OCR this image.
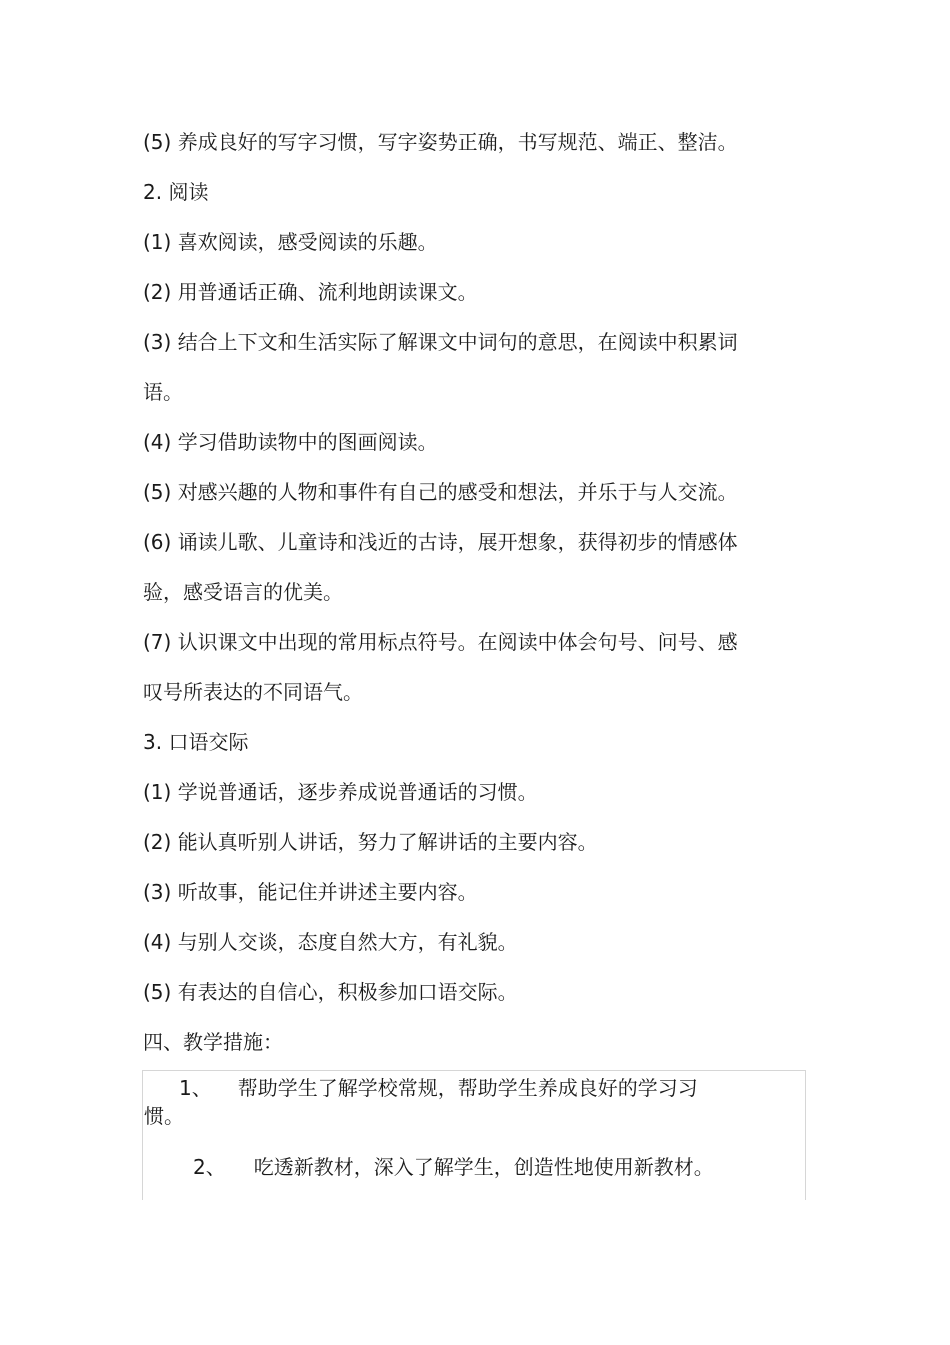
(5) 养成良好的写字习惯，写字姿势正确，书写规范、端正、整洁。
2. 阅读
(1) 喜欢阅读，感受阅读的乐趣。
(2) 用普通话正确、流利地朗读课文。
(3) 结合上下文和生活实际了解课文中词句的意思，在阅读中积累词
语。
(4) 学习借助读物中的图画阅读。
(5) 对感兴趣的人物和事件有自己的感受和想法，并乐于与人交流。
(6) 诵读儿歌、儿童诗和浅近的古诗，展开想象，获得初步的情感体
验，感受语言的优美。
(7) 认识课文中出现的常用标点符号。在阅读中体会句号、问号、感
叹号所表达的不同语气。
3. 口语交际
(1) 学说普通话，逐步养成说普通话的习惯。
(2) 能认真听别人讲话，努力了解讲话的主要内容。
(3) 听故事，能记住并讲述主要内容。
(4) 与别人交谈，态度自然大方，有礼貌。
(5) 有表达的自信心，积极参加口语交际。
四、教学措施：
1、 帮助学生了解学校常规，帮助学生养成良好的学习习
惯。
2、 吃透新教材，深入了解学生，创造性地使用新教材。
